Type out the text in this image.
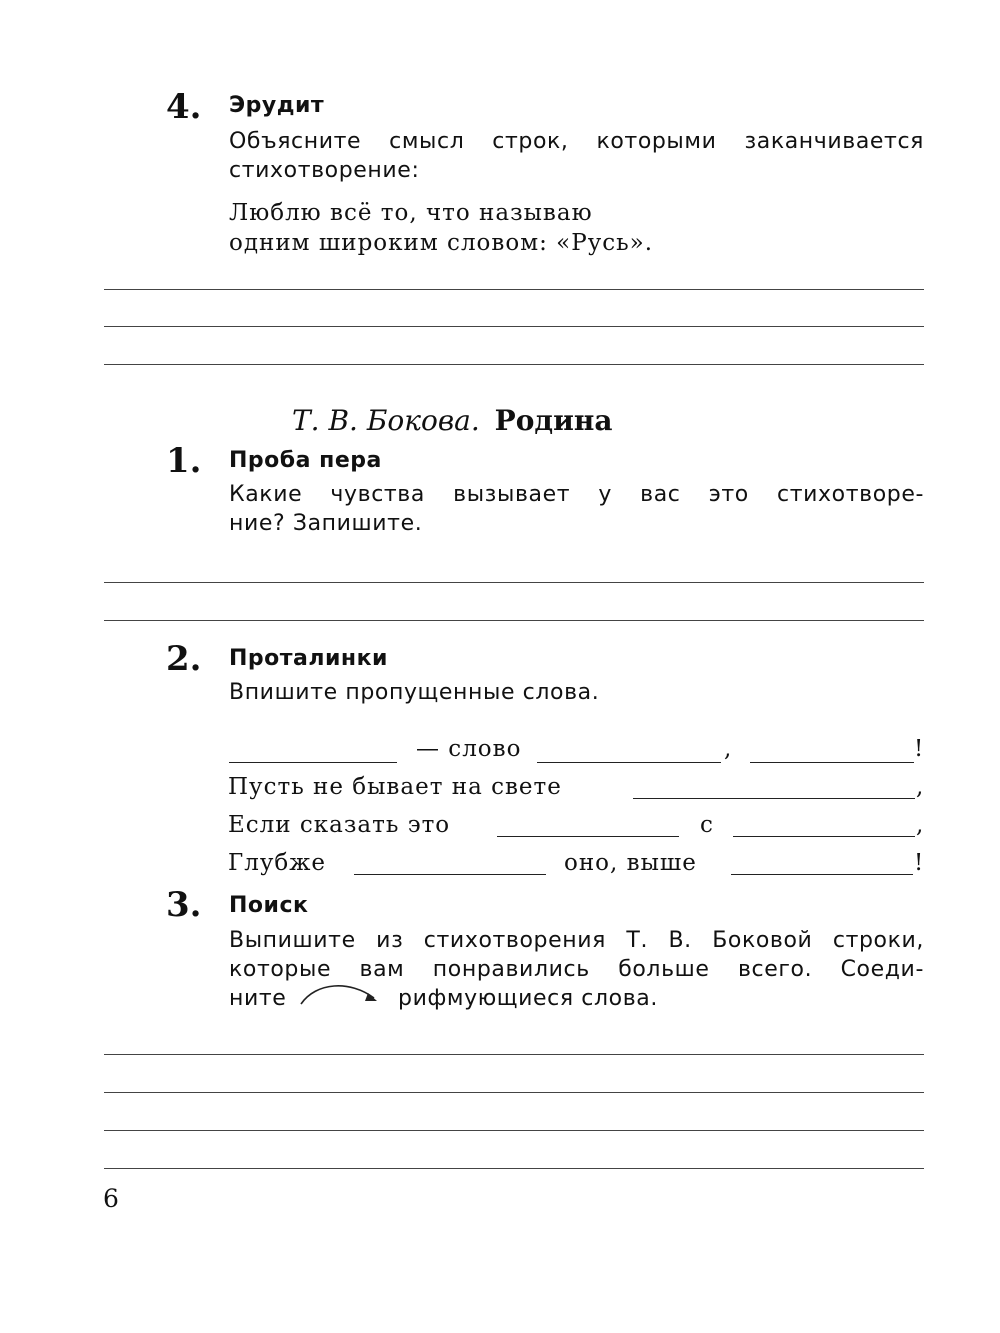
4. Эрудит
Объясните смысл строк, которыми заканчивается
стихотворение:
Люблю всё то, что называю
одним широким словом: «Русь».
Т. В. Бокова. Родина
1. Проба пера
Какие чувства вызывает у вас это стихотворе-
ние? Запишите.
2. Проталинки
Впишите пропущенные слова.
— слово	,	!
Пусть не бывает на свете	,
Если сказать это	с	,
Глубже	оно, выше	!
3. Поиск
Выпишите из стихотворения Т. В. Боковой строки,
которые вам понравились больше всего. Соеди-
ните	рифмующиеся слова.
6
